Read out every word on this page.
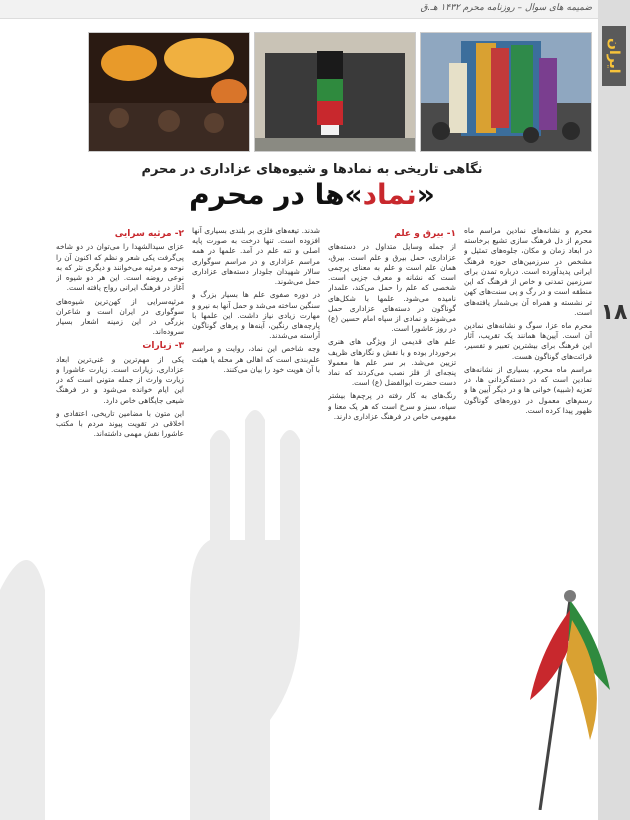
ضمیمه های سوال – روزنامه محرم ۱۴۳۲ هـ.ق
ایران
۱۸
نگاهی تاریخی به نمادها و شیوه‌های عزاداری در محرم
«نماد»ها در محرم

محرم و نشانه‌های نمادین مراسم ماه محرم از دل فرهنگ سازی تشیع برخاسته در ابعاد زمان و مکان، جلوه‌های تمثیل و مشخص در سرزمین‌های حوزه فرهنگ ایرانی پدیدآورده است. درباره تمدن برای سرزمین تمدنی و خاص از فرهنگ که این منطقه است و در رگ و پی سنت‌های کهن تر نشسته و همراه آن بی‌شمار یافته‌های است.

محرم ماه عزا، سوگ و نشانه‌های نمادین آن است. آیین‌ها همانند یک تقریب، آثار این فرهنگ برای بیشترین تعبیر و تفسیر، قرائت‌های گوناگون هست.

مراسم ماه محرم، بسیاری از نشانه‌های نمادین است که در دسته‌گردانی ها، در تعزیه (شبیه) خوانی ها و در دیگر آیین ها و رسم‌های معمول در دوره‌های گوناگون ظهور پیدا کرده است.

۱- بیرق و علم

از جمله وسایل متداول در دسته‌های عزاداری، حمل بیرق و علم است. بیرق، همان علم است و علم به معنای پرچمی است که نشانه و معرف جزیی است. شخصی که علم را حمل می‌کند، علمدار نامیده می‌شود. علمها با شکل‌های گوناگون در دسته‌های عزاداری حمل می‌شوند و نمادی از سپاه امام حسین (ع) در روز عاشورا است.

علم های قدیمی از ویژگی های هنری برخوردار بوده و با نقش و نگارهای ظریف تزیین می‌شد. بر سر علم ها معمولا پنجه‌ای از فلز نصب می‌کردند که نماد دست حضرت ابوالفضل (ع) است.

رنگ‌های به کار رفته در پرچم‌ها بیشتر سیاه، سبز و سرخ است که هر یک معنا و مفهومی خاص در فرهنگ عزاداری دارند.

شدند. تیغه‌های فلزی بر بلندی بسیاری آنها افزوده است. تنها درخت به صورت پایه اصلی و تنه علم در آمد. علمها در همه مراسم عزاداری و در مراسم سوگواری سالار شهیدان جلودار دسته‌های عزاداری حمل می‌شوند.

در دوره صفوی علم ها بسیار بزرگ و سنگین ساخته می‌شد و حمل آنها به نیرو و مهارت زیادی نیاز داشت. این علمها با پارچه‌های رنگین، آینه‌ها و پرهای گوناگون آراسته می‌شدند.

وجه شاخص این نماد، روایت و مراسم علم‌بندی است که اهالی هر محله یا هیئت با آن هویت خود را بیان می‌کنند.

۲- مرثیه سرایی

عزای سیدالشهدا را می‌توان در دو شاخه پی‌گرفت یکی شعر و نظم که اکنون آن را نوحه و مرثیه می‌خوانند و دیگری نثر که به نوعی روضه است. این هر دو شیوه از آغاز در فرهنگ ایرانی رواج یافته است.

مرثیه‌سرایی از کهن‌ترین شیوه‌های سوگواری در ایران است و شاعران بزرگی در این زمینه اشعار بسیار سروده‌اند.

۳- زیارات

یکی از مهم‌ترین و غنی‌ترین ابعاد عزاداری، زیارات است. زیارت عاشورا و زیارت وارث از جمله متونی است که در این ایام خوانده می‌شود و در فرهنگ شیعی جایگاهی خاص دارد.

این متون با مضامین تاریخی، اعتقادی و اخلاقی در تقویت پیوند مردم با مکتب عاشورا نقش مهمی داشته‌اند.
